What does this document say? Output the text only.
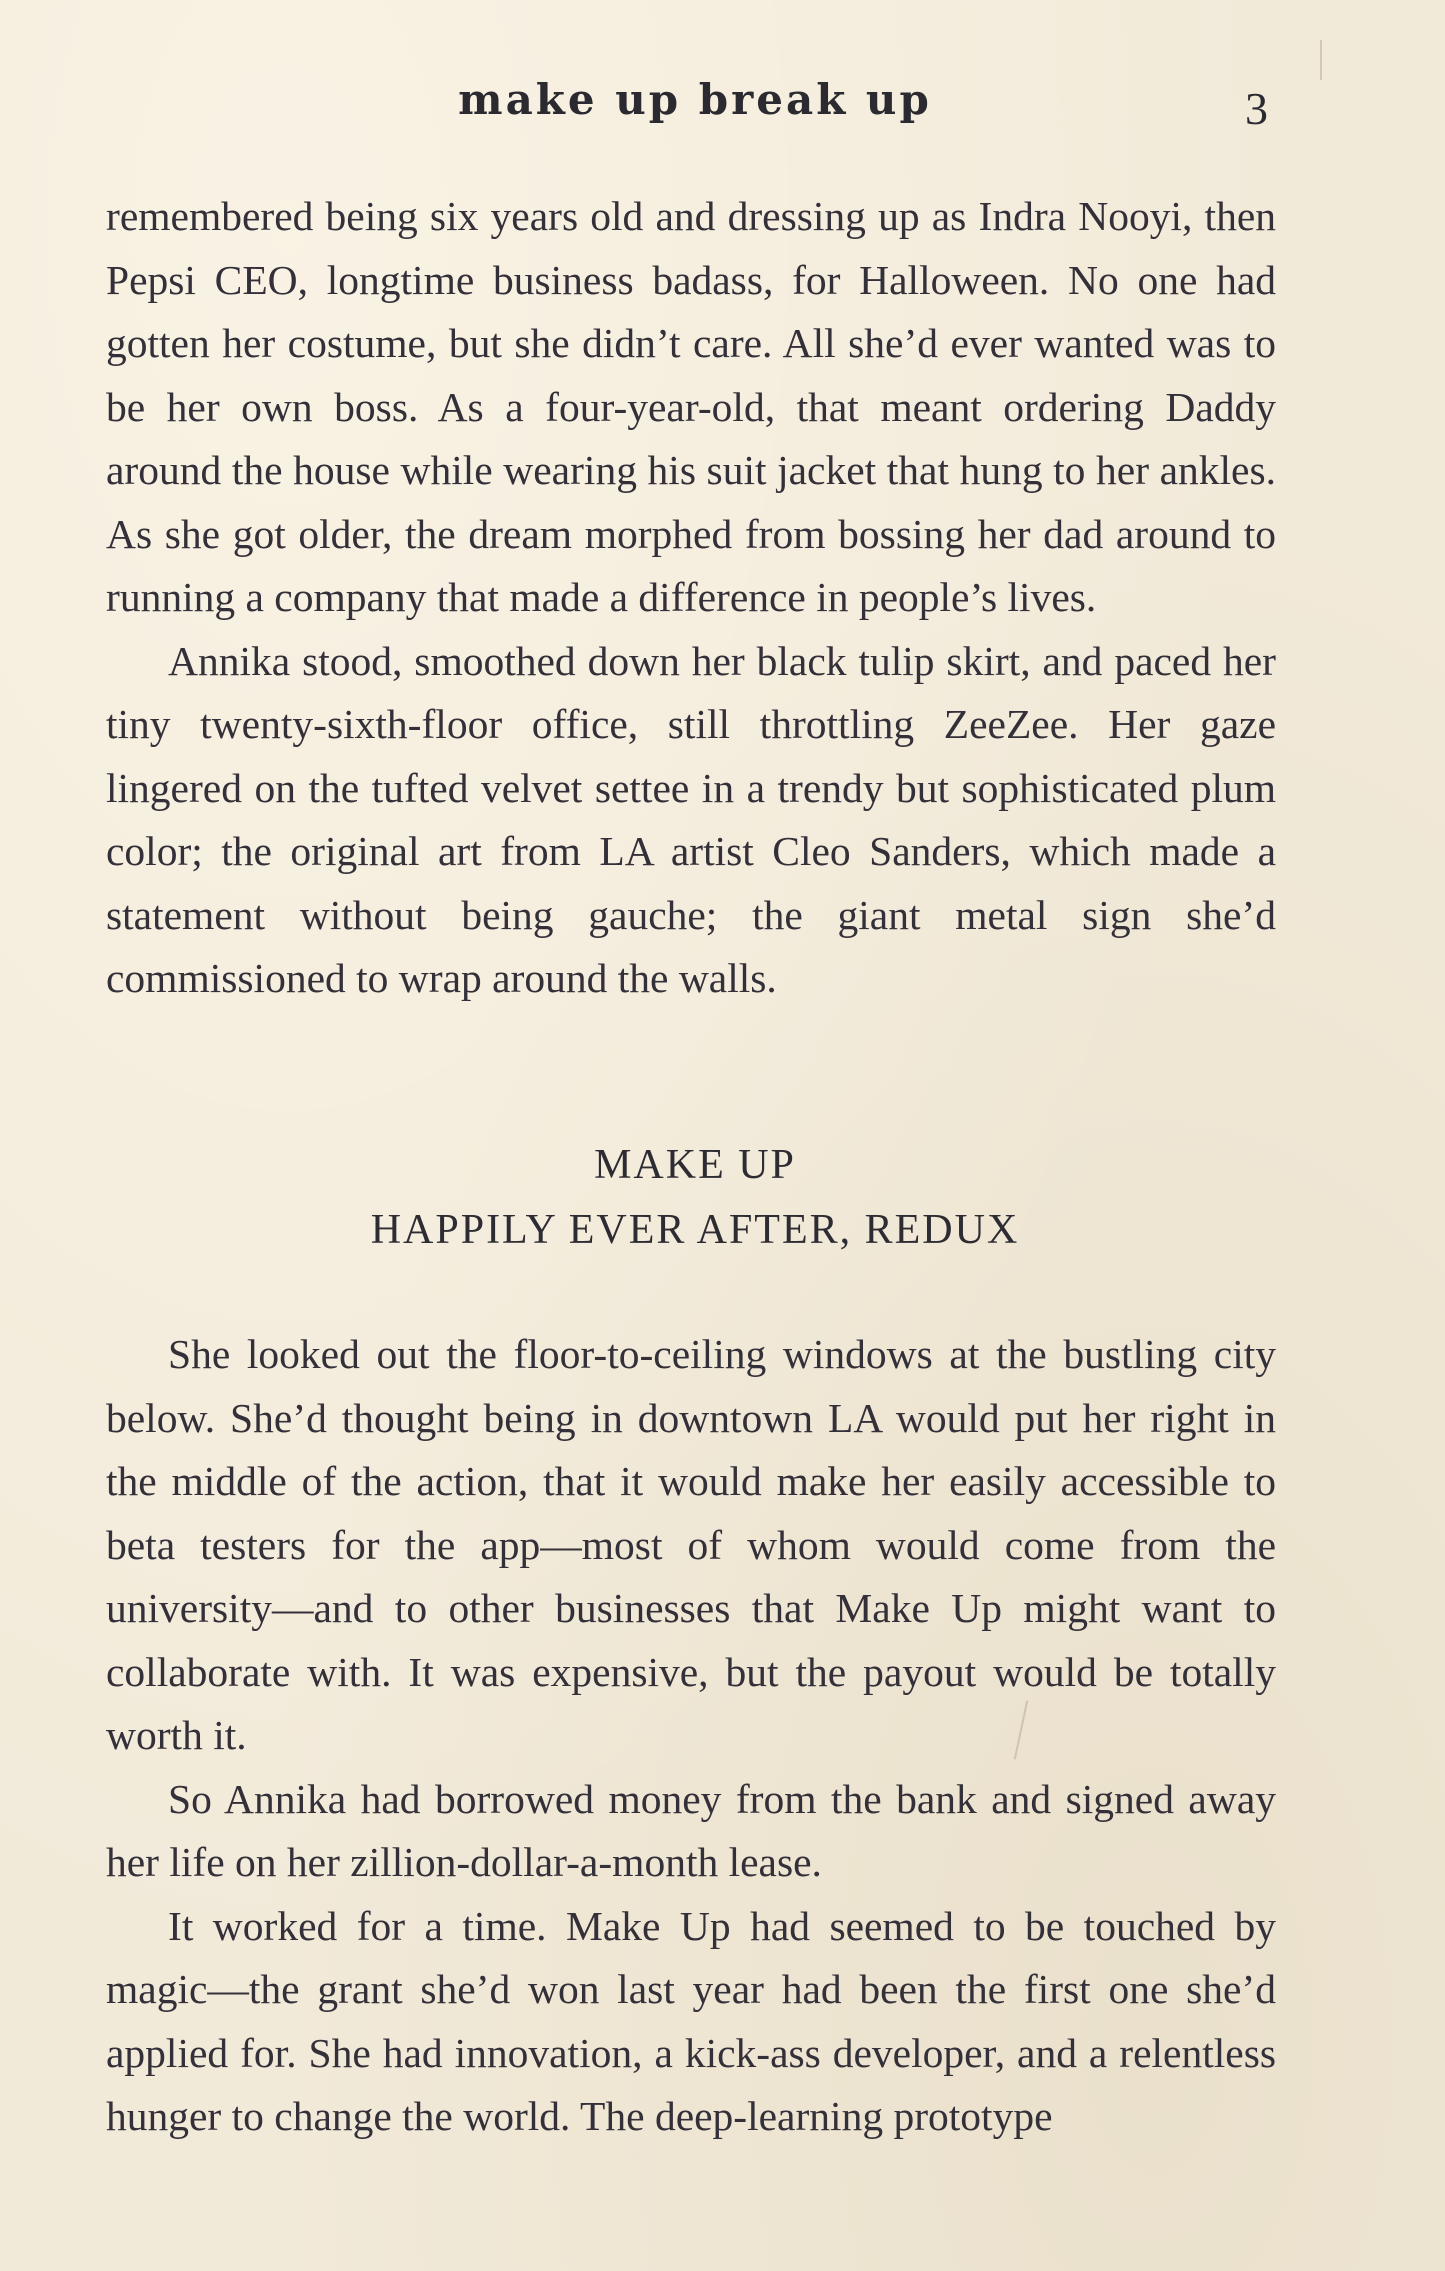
make up break up	3

remembered being six years old and dressing up as Indra Nooyi, then Pepsi CEO, longtime business badass, for Halloween. No one had gotten her costume, but she didn’t care. All she’d ever wanted was to be her own boss. As a four-year-old, that meant ordering Daddy around the house while wearing his suit jacket that hung to her ankles. As she got older, the dream morphed from bossing her dad around to running a company that made a difference in people’s lives.

Annika stood, smoothed down her black tulip skirt, and paced her tiny twenty-sixth-floor office, still throttling ZeeZee. Her gaze lingered on the tufted velvet settee in a trendy but sophisticated plum color; the original art from LA artist Cleo Sanders, which made a statement without being gauche; the giant metal sign she’d commissioned to wrap around the walls.

MAKE UP
HAPPILY EVER AFTER, REDUX

She looked out the floor-to-ceiling windows at the bustling city below. She’d thought being in downtown LA would put her right in the middle of the action, that it would make her easily accessible to beta testers for the app—most of whom would come from the university—and to other businesses that Make Up might want to collaborate with. It was expensive, but the payout would be totally worth it.

So Annika had borrowed money from the bank and signed away her life on her zillion-dollar-a-month lease.

It worked for a time. Make Up had seemed to be touched by magic—the grant she’d won last year had been the first one she’d applied for. She had innovation, a kick-ass developer, and a relentless hunger to change the world. The deep-learning prototype
